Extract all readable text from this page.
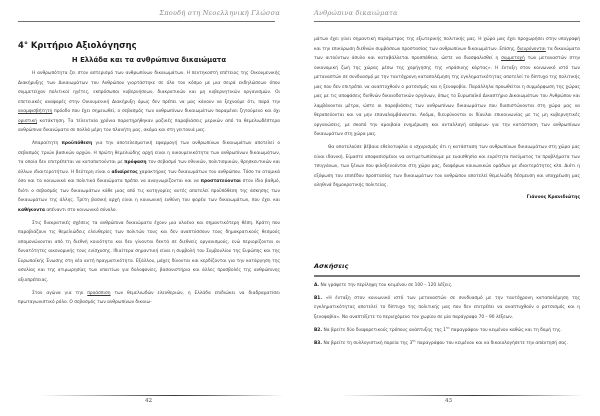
Σπουδή στη Νεοελληνική Γλώσσα
4° Κριτήριο Αξιολόγησης
Η Ελλάδα και τα ανθρώπινα δικαιώματα

Η ανθρωπότητα ζει στον αστερισμό των ανθρωπίνων δικαιωμάτων. Η πεντηκοστή επέτειος της Οικουμενικής Διακήρυξης των Δικαιωμάτων του Ανθρώπου γιορτάστηκε σε όλο τον κόσμο με μια σειρά εκδηλώσεων όπου συμμετείχαν πολιτικοί ηγέτες, εκπρόσωποι κυβερνήσεων, διακρατικών και μη κυβερνητικών οργανισμών. Οι επετειακές αναφορές στην Οικουμενική Διακήρυξη όμως δεν πρέπει να μας κάνουν να ξεχνούμε ότι, παρά την αναμφισβήτητη πρόοδο που έχει σημειωθεί, ο σεβασμός των ανθρωπίνων δικαιωμάτων παραμένει ζητούμενο και όχι οριστική κατάκτηση. Τα τελευταία χρόνια παρατηρήθηκαν μαζικές παραβιάσεις μερικών από τα θεμελιωδέστερα ανθρώπινα δικαιώματα σε πολλά μέρη του πλανήτη μας, ακόμα και στη γειτονιά μας.

Απαραίτητη προϋπόθεση για την αποτελεσματική εφαρμογή των ανθρωπίνων δικαιωμάτων αποτελεί ο σεβασμός τριών βασικών αρχών. Η πρώτη θεμελιώδης αρχή είναι η οικουμενικότητα των ανθρωπίνων δικαιωμάτων, τα οποία δεν επιτρέπεται να καταπατούνται με πρόφαση τον σεβασμό των εθνικών, πολιτισμικών, θρησκευτικών και άλλων ιδιαιτεροτήτων. Η δεύτερη είναι ο αδιαίρετος χαρακτήρας των δικαιωμάτων του ανθρώπου. Τόσο τα ατομικά όσο και τα κοινωνικά και πολιτικά δικαιώματα πρέπει να αναγνωρίζονται και να προστατεύονται στον ίδιο βαθμό, διότι ο σεβασμός των δικαιωμάτων κάθε μιας από τις κατηγορίες αυτές αποτελεί προϋπόθεση της άσκησης των δικαιωμάτων της άλλης. Τρίτη βασική αρχή είναι η κοινωνική ευθύνη του φορέα των δικαιωμάτων, που έχει και καθήκοντα απέναντι στο κοινωνικό σύνολο.

Στις διακρατικές σχέσεις τα ανθρώπινα δικαιώματα έχουν μια ολοένα και σημαντικότερη θέση. Κράτη που παραβιάζουν τις θεμελιώδεις ελευθερίες των πολιτών τους και δεν αναπτύσσουν τους δημοκρατικούς θεσμούς απομονώνονται από τη διεθνή κοινότητα και δεν γίνονται δεκτά σε διεθνείς οργανισμούς, ενώ περιορίζονται οι δυνατότητες οικονομικής τους ενίσχυσης. Ιδιαίτερα σημαντική είναι η συμβολή του Συμβουλίου της Ευρώπης και της Ευρωπαϊκής Ένωσης στη νέα αυτή πραγματικότητα. Εξάλλου, μάχες δίνονται και κερδίζονται για την κατάργηση της ασυλίας και της ατιμωρησίας των υπαιτίων για δολοφονίες, βασανιστήρια και άλλες προσβολές της ανθρώπινης αξιοπρέπειας.

Στον αγώνα για την προάσπιση των θεμελιωδών ελευθεριών, η Ελλάδα επιδιώκει να διαδραματίσει πρωταγωνιστικό ρόλο. Ο σεβασμός των ανθρωπίνων δικαιω-

42
Ανθρώπινα δικαιώματα

μάτων έχει γίνει σημαντική παράμετρος της εξωτερικής πολιτικής μας. Η χώρα μας έχει προχωρήσει στην υπογραφή και την επικύρωση διεθνών συμβάσεων προστασίας των ανθρωπίνων δικαιωμάτων. Επίσης, διευρύνονται τα δικαιώματα των αιτούντων άσυλο και καταβάλλεται προσπάθεια, ώστε να διασφαλισθεί η συμμετοχή των μεταναστών στην οικονομική ζωή της χώρας μέσω της χορήγησης της «πράσινης κάρτας». Η ένταξη στον κοινωνικό ιστό των μεταναστών σε συνδυασμό με την ταυτόχρονη καταπολέμηση της εγκληματικότητας αποτελεί το δίπτυχο της πολιτικής μας που δεν επιτρέπει να αναπτυχθούν ο ρατσισμός και η ξενοφοβία. Παράλληλα προωθείται η συμμόρφωση της χώρας μας με τις αποφάσεις διεθνών δικαιοδοτικών οργάνων, όπως το Ευρωπαϊκό Δικαστήριο Δικαιωμάτων του Ανθρώπου και λαμβάνονται μέτρα, ώστε οι παραβιάσεις των ανθρωπίνων δικαιωμάτων που διαπιστώνονται στη χώρα μας να θεραπεύονται και να μην επαναλαμβάνονται. Ακόμα, διευρύνονται οι δίαυλοι επικοινωνίας με τις μη κυβερνητικές οργανώσεις, με σκοπό την αμοιβαία ενημέρωση και ανταλλαγή απόψεων για την κατάσταση των ανθρωπίνων δικαιωμάτων στη χώρα μας.

Θα αποτελούσε βέβαια εθελοτυφλία ο ισχυρισμός ότι η κατάσταση των ανθρωπίνων δικαιωμάτων στη χώρα μας είναι ιδανική. Είμαστε αποφασισμένοι να αντιμετωπίσουμε με ευαισθησία και ευρύτητα πνεύματος τα προβλήματα των τσιγγάνων, των ξένων που φιλοξενούνται στη χώρα μας, διαφόρων κοινωνικών ομάδων με ιδιαιτερότητες κλπ. Διότι η εξύψωση του επιπέδου προστασίας των δικαιωμάτων του ανθρώπου αποτελεί θεμελιώδη δέσμευση και υποχρέωση μας αληθινά δημοκρατικής πολιτείας.

Γιάννος Κρανιδιώτης
Ασκήσεις
Α. Να γράψετε την περίληψη του κειμένου σε 100 – 120 λέξεις.
Β1. «Η ένταξη στον κοινωνικό ιστό των μεταναστών σε συνδυασμό με την ταυτόχρονη καταπολέμηση της εγκληματικότητας αποτελεί το δίπτυχο της πολιτικής μας που δεν επιτρέπει να αναπτυχθούν ο ρατσισμός και η ξενοφοβία». Να αναπτύξετε το περιεχόμενο του χωρίου σε μία παράγραφο 70 – 90 λέξεων.
Β2. Να βρείτε δύο διαφορετικούς τρόπους ανάπτυξης της $1^{\eta\varsigma}$ παραγράφου του κειμένου καθώς και τη δομή της.
Β3. Να βρείτε τη συλλογιστική πορεία της $3^{\eta\varsigma}$ παραγράφου του κειμένου και να δικαιολογήσετε την απάντησή σας.
43
